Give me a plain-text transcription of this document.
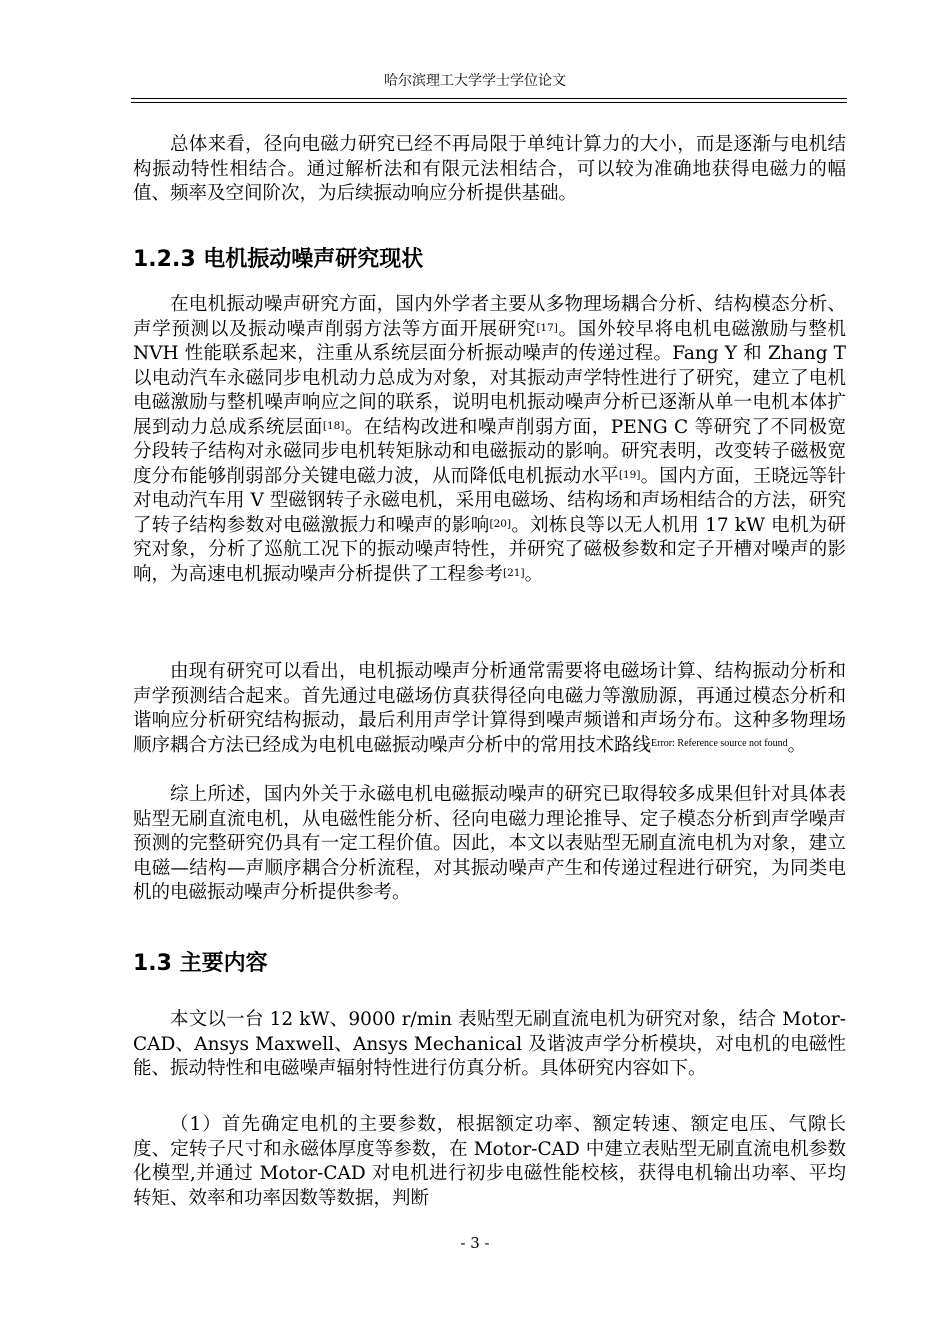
哈尔滨理工大学学士学位论文

总体来看，径向电磁力研究已经不再局限于单纯计算力的大小，而是逐渐与电机结构振动特性相结合。通过解析法和有限元法相结合，可以较为准确地获得电磁力的幅值、频率及空间阶次，为后续振动响应分析提供基础。

1.2.3 电机振动噪声研究现状

在电机振动噪声研究方面，国内外学者主要从多物理场耦合分析、结构模态分析、声学预测以及振动噪声削弱方法等方面开展研究[17]。国外较早将电机电磁激励与整机 NVH 性能联系起来，注重从系统层面分析振动噪声的传递过程。Fang Y 和 Zhang T 以电动汽车永磁同步电机动力总成为对象，对其振动声学特性进行了研究，建立了电机电磁激励与整机噪声响应之间的联系，说明电机振动噪声分析已逐渐从单一电机本体扩展到动力总成系统层面[18]。在结构改进和噪声削弱方面，PENG C 等研究了不同极宽分段转子结构对永磁同步电机转矩脉动和电磁振动的影响。研究表明，改变转子磁极宽度分布能够削弱部分关键电磁力波，从而降低电机振动水平[19]。国内方面，王晓远等针对电动汽车用 V 型磁钢转子永磁电机，采用电磁场、结构场和声场相结合的方法，研究了转子结构参数对电磁激振力和噪声的影响[20]。刘栋良等以无人机用 17 kW 电机为研究对象，分析了巡航工况下的振动噪声特性，并研究了磁极参数和定子开槽对噪声的影响，为高速电机振动噪声分析提供了工程参考[21]。

由现有研究可以看出，电机振动噪声分析通常需要将电磁场计算、结构振动分析和声学预测结合起来。首先通过电磁场仿真获得径向电磁力等激励源，再通过模态分析和谐响应分析研究结构振动，最后利用声学计算得到噪声频谱和声场分布。这种多物理场顺序耦合方法已经成为电机电磁振动噪声分析中的常用技术路线$^{Error: Reference source not found}$。

综上所述，国内外关于永磁电机电磁振动噪声的研究已取得较多成果但针对具体表贴型无刷直流电机，从电磁性能分析、径向电磁力理论推导、定子模态分析到声学噪声预测的完整研究仍具有一定工程价值。因此，本文以表贴型无刷直流电机为对象，建立电磁—结构—声顺序耦合分析流程，对其振动噪声产生和传递过程进行研究，为同类电机的电磁振动噪声分析提供参考。

1.3 主要内容

本文以一台 12 kW、9000 r/min 表贴型无刷直流电机为研究对象，结合 Motor-CAD、Ansys Maxwell、Ansys Mechanical 及谐波声学分析模块，对电机的电磁性能、振动特性和电磁噪声辐射特性进行仿真分析。具体研究内容如下。

（1）首先确定电机的主要参数，根据额定功率、额定转速、额定电压、气隙长度、定转子尺寸和永磁体厚度等参数，在 Motor-CAD 中建立表贴型无刷直流电机参数化模型,并通过 Motor-CAD 对电机进行初步电磁性能校核，获得电机输出功率、平均转矩、效率和功率因数等数据，判断

- 3 -
